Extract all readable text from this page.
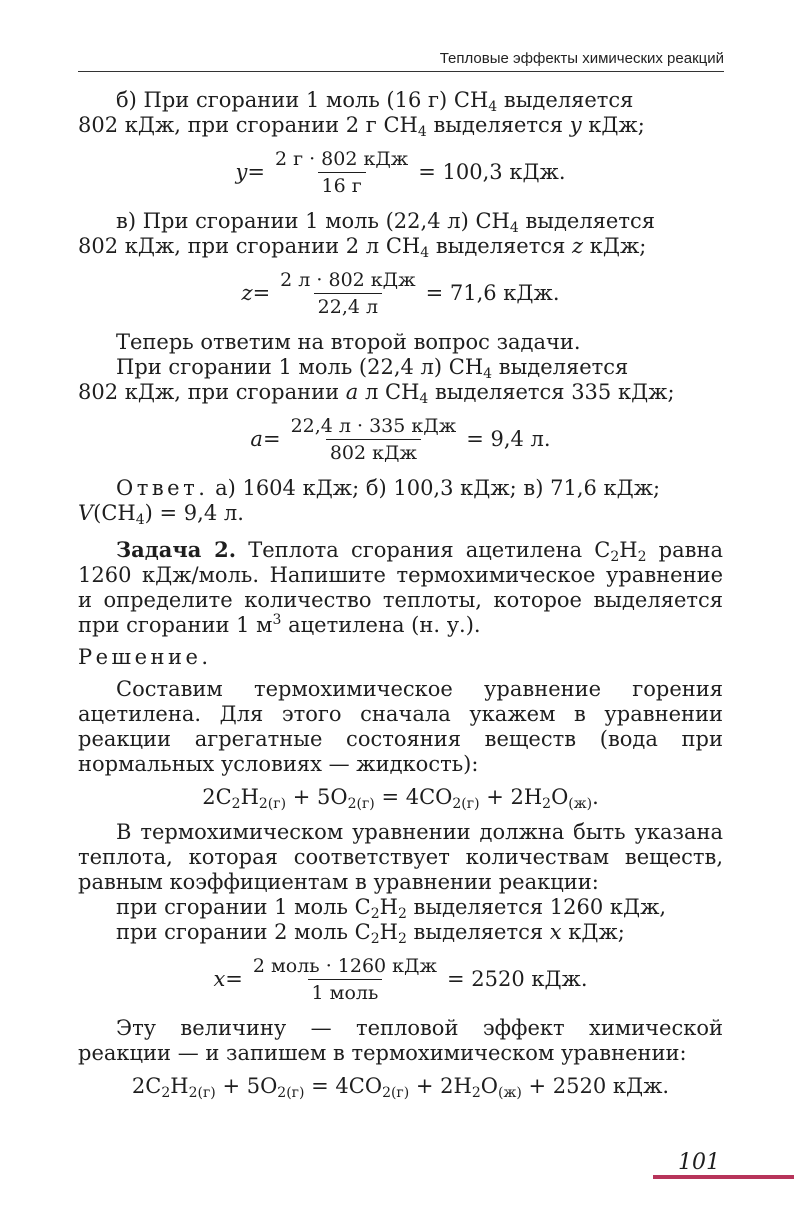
Тепловые эффекты химических реакций

б) При сгорании 1 моль (16 г) $CH_4$ выделяется
802 кДж, при сгорании 2 г $CH_4$ выделяется y кДж;

$y = \frac{\text{2 г · 802 кДж}}{16 г} = 100,3$ кДж.

в) При сгорании 1 моль (22,4 л) $CH_4$ выделяется
802 кДж, при сгорании 2 л $CH_4$ выделяется z кДж;

$z = \frac{\text{2 л · 802 кДж}}{22,4 л} = 71,6$ кДж.

Теперь ответим на второй вопрос задачи.

При сгорании 1 моль (22,4 л) $CH_4$ выделяется
802 кДж, при сгорании a л $CH_4$ выделяется 335 кДж;

$a = \frac{\text{22,4 л · 335 кДж}}{\text{802 кДж}} = 9,4$ л.

Ответ. а) 1604 кДж; б) 100,3 кДж; в) 71,6 кДж;
$V(CH_4) = 9,4$ л.

Задача 2. Теплота сгорания ацетилена $C_2H_2$ равна 1260 кДж/моль. Напишите термохимическое уравнение и определите количество теплоты, которое выделяется при сгорании 1 $м^3$ ацетилена (н. у.).

Решение.

Составим термохимическое уравнение горения ацетилена. Для этого сначала укажем в уравнении реакции агрегатные состояния веществ (вода при нормальных условиях — жидкость):

$2C_2H_{2(г)} + 5O_{2(г)} = 4CO_{2(г)} + 2H_2O_{(ж)}$.

В термохимическом уравнении должна быть указана теплота, которая соответствует количествам веществ, равным коэффициентам в уравнении реакции:

при сгорании 1 моль $C_2H_2$ выделяется 1260 кДж,

при сгорании 2 моль $C_2H_2$ выделяется x кДж;

$x = \frac{\text{2 моль · 1260 кДж}}{\text{1 моль}} = 2520$ кДж.

Эту величину — тепловой эффект химической реакции — и запишем в термохимическом уравнении:

$2C_2H_{2(г)} + 5O_{2(г)} = 4CO_{2(г)} + 2H_2O_{(ж)} + 2520$ кДж.
101
